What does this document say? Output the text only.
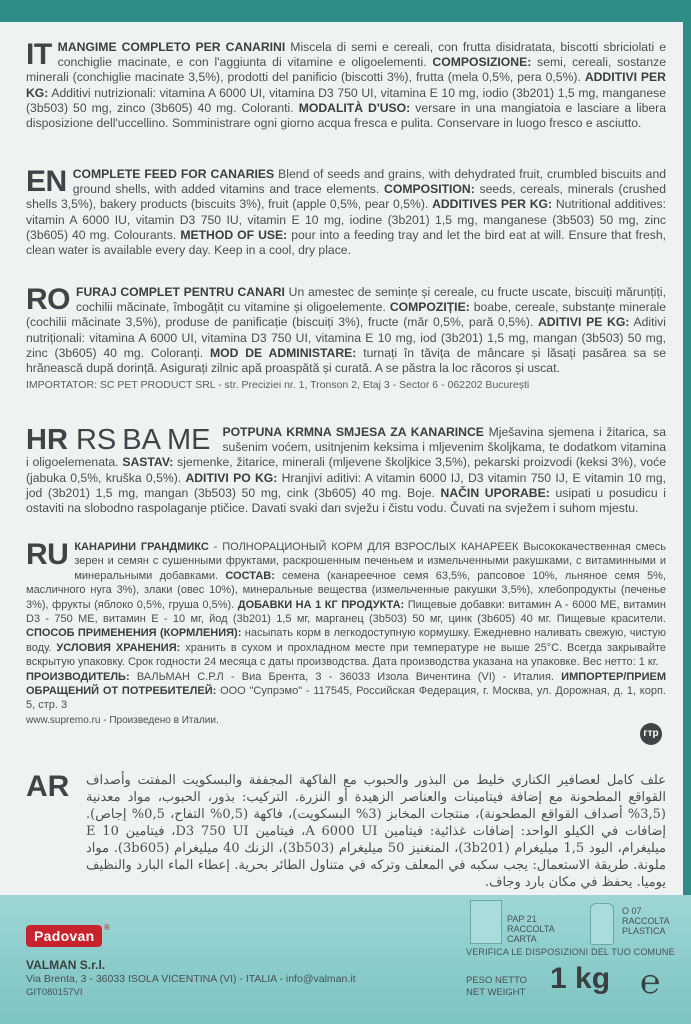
IT MANGIME COMPLETO PER CANARINI Miscela di semi e cereali, con frutta disidratata, biscotti sbriciolati e conchiglie macinate, e con l'aggiunta di vitamine e oligoelementi. COMPOSIZIONE: semi, cereali, sostanze minerali (conchiglie macinate 3,5%), prodotti del panificio (biscotti 3%), frutta (mela 0,5%, pera 0,5%). ADDITIVI PER KG: Additivi nutrizionali: vitamina A 6000 UI, vitamina D3 750 UI, vitamina E 10 mg, iodio (3b201) 1,5 mg, manganese (3b503) 50 mg, zinco (3b605) 40 mg. Coloranti. MODALITÀ D'USO: versare in una mangiatoia e lasciare a libera disposizione dell'uccellino. Somministrare ogni giorno acqua fresca e pulita. Conservare in luogo fresco e asciutto.
EN COMPLETE FEED FOR CANARIES Blend of seeds and grains, with dehydrated fruit, crumbled biscuits and ground shells, with added vitamins and trace elements. COMPOSITION: seeds, cereals, minerals (crushed shells 3,5%), bakery products (biscuits 3%), fruit (apple 0,5%, pear 0,5%). ADDITIVES PER KG: Nutritional additives: vitamin A 6000 IU, vitamin D3 750 IU, vitamin E 10 mg, iodine (3b201) 1,5 mg, manganese (3b503) 50 mg, zinc (3b605) 40 mg. Colourants. METHOD OF USE: pour into a feeding tray and let the bird eat at will. Ensure that fresh, clean water is available every day. Keep in a cool, dry place.
RO FURAJ COMPLET PENTRU CANARI Un amestec de semințe și cereale, cu fructe uscate, biscuiți mărunțiți, cochilii măcinate, îmbogățit cu vitamine și oligoelemente. COMPOZIȚIE: boabe, cereale, substanțe minerale (cochilii măcinate 3,5%), produse de panificație (biscuiți 3%), fructe (măr 0,5%, pară 0,5%). ADITIVI PE KG: Aditivi nutriționali: vitamina A 6000 UI, vitamina D3 750 UI, vitamina E 10 mg, iod (3b201) 1,5 mg, mangan (3b503) 50 mg, zinc (3b605) 40 mg. Coloranți. MOD DE ADMINISTARE: turnați în tăvița de mâncare și lăsați pasărea sa se hrănească după dorință. Asigurați zilnic apă proaspătă și curată. A se păstra la loc răcoros și uscat.
IMPORTATOR: SC PET PRODUCT SRL - str. Preciziei nr. 1, Tronson 2, Etaj 3 - Sector 6 - 062202 București
HR RS BA ME POTPUNA KRMNA SMJESA ZA KANARINCE Mješavina sjemena i žitarica, sa sušenim voćem, usitnjenim keksima i mljevenim školjkama, te dodatkom vitamina i oligoelemenata. SASTAV: sjemenke, žitarice, minerali (mljevene školjkice 3,5%), pekarski proizvodi (keksi 3%), voće (jabuka 0,5%, kruška 0,5%). ADITIVI PO KG: Hranjivi aditivi: A vitamin 6000 IJ, D3 vitamin 750 IJ, E vitamin 10 mg, jod (3b201) 1,5 mg, mangan (3b503) 50 mg, cink (3b605) 40 mg. Boje. NAČIN UPORABE: usipati u posudicu i ostaviti na slobodno raspolaganje ptičice. Davati svaki dan svježu i čistu vodu. Čuvati na svježem i suhom mjestu.
RU КАНАРИНИ ГРАНДМИКС - ПОЛНОРАЦИОНЫЙ КОРМ ДЛЯ ВЗРОСЛЫХ КАНАРЕЕК Высококачественная смесь зерен и семян с сушенными фруктами, раскрошенным печеньем и измельченными ракушками, с витаминными и минеральными добавками. СОСТАВ: семена (канареечное семя 63,5%, рапсовое 10%, льняное семя 5%, масличного нуга 3%), злаки (овес 10%), минеральные вещества (измельченные ракушки 3,5%), хлебопродукты (печенье 3%), фрукты (яблоко 0,5%, груша 0,5%). ДОБАВКИ НА 1 КГ ПРОДУКТА: Пищевые добавки: витамин A - 6000 МЕ, витамин D3 - 750 МЕ, витамин E - 10 мг, йод (3b201) 1,5 мг, марганец (3b503) 50 мг, цинк (3b605) 40 мг. Пищевые красители. СПОСОБ ПРИМЕНЕНИЯ (КОРМЛЕНИЯ): насыпать корм в легкодоступную кормушку. Ежедневно наливать свежую, чистую воду. УСЛОВИЯ ХРАНЕНИЯ: хранить в сухом и прохладном месте при температуре не выше 25°С. Всегда закрывайте вскрытую упаковку. Срок годности 24 месяца с даты производства. Дата производства указана на упаковке. Вес нетто: 1 кг.
ПРОИЗВОДИТЕЛЬ: ВАЛЬМАН С.Р.Л - Виа Брента, 3 - 36033 Изола Вичентина (VI) - Италия. ИМПОРТЕР/ПРИЕМ ОБРАЩЕНИЙ ОТ ПОТРЕБИТЕЛЕЙ: ООО "Супрэмо" - 117545, Российская Федерация, г. Москва, ул. Дорожная, д. 1, корп. 5, стр. 3
www.supremo.ru - Произведено в Италии.
гтр
AR علف كامل لعصافير الكناري خليط من البذور والحبوب مع الفاكهة المجففة والبسكويت المفتت وأصداف القواقع المطحونة مع إضافة فيتامينات والعناصر الزهيدة أو النزرة. التركيب: بذور، الحبوب، مواد معدنية (3,5% أصداف القواقع المطحونة)، منتجات المخابز (3% البسكويت)، فاكهة (0,5% التفاح، 0,5% إجاص). إضافات في الكيلو الواحد: إضافات غذائية: فيتامين A 6000 UI، فيتامين D3 750 UI، فيتامين E 10 ميليغرام، اليود 1,5 ميليغرام (3b201)، المنغنيز 50 ميليغرام (3b503)، الزنك 40 ميليغرام (3b605). مواد ملونة. طريقة الاستعمال: يجب سكبه في المعلف وتركه في متناول الطائر بحرية. إعطاء الماء البارد والنظيف يوميا. يحفظ في مكان بارد وجاف.
Padovan
®
VALMAN S.r.l.
Via Brenta, 3 - 36033 ISOLA VICENTINA (VI) - ITALIA - info@valman.it
GIT080157VI
PAP 21
RACCOLTA
CARTA
O 07
RACCOLTA
PLASTICA
VERIFICA LE DISPOSIZIONI DEL TUO COMUNE
PESO NETTO
NET WEIGHT 1 kg ℮
